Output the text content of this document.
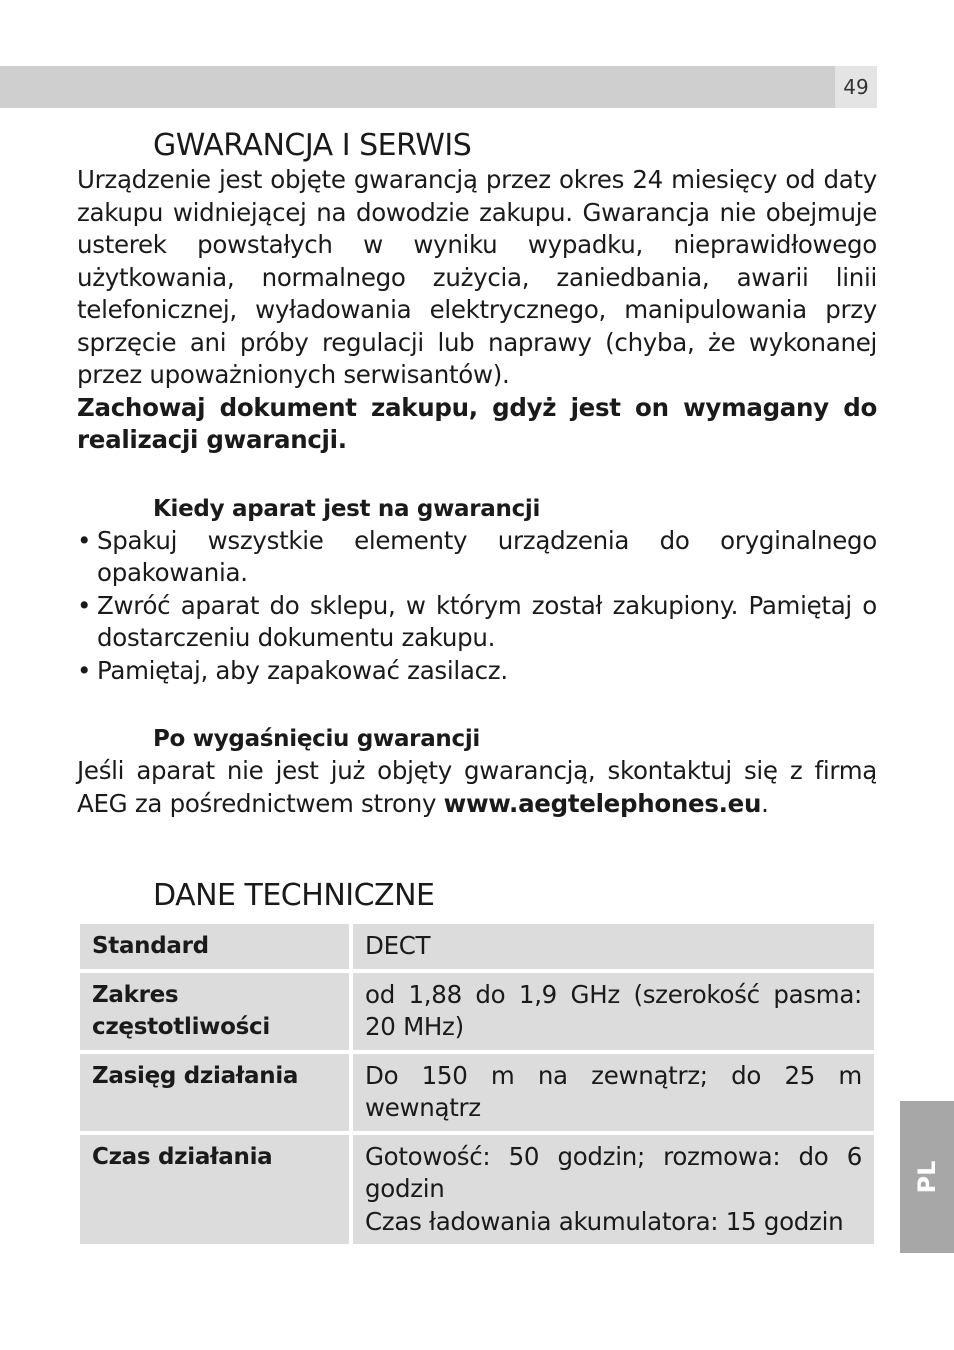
49
GWARANCJA I SERWIS

Urządzenie jest objęte gwarancją przez okres 24 miesięcy od daty zakupu widniejącej na dowodzie zakupu. Gwarancja nie obejmuje usterek powstałych w wyniku wypadku, nieprawidłowego użytkowania, normalnego zużycia, zaniedbania, awarii linii telefonicznej, wyładowania elektrycznego, manipulowania przy sprzęcie ani próby regulacji lub naprawy (chyba, że wykonanej przez upoważnionych serwisantów).

Zachowaj dokument zakupu, gdyż jest on wymagany do realizacji gwarancji.

Kiedy aparat jest na gwarancji
• Spakuj wszystkie elementy urządzenia do oryginalnego opakowania.
• Zwróć aparat do sklepu, w którym został zakupiony. Pamiętaj o dostarczeniu dokumentu zakupu.
• Pamiętaj, aby zapakować zasilacz.
Po wygaśnięciu gwarancji

Jeśli aparat nie jest już objęty gwarancją, skontaktuj się z firmą AEG za pośrednictwem strony www.aegtelephones.eu.

DANE TECHNICZNE
Standard	DECT
Zakres częstotliwości	od 1,88 do 1,9 GHz (szerokość pasma: 20 MHz)
Zasięg działania	Do 150 m na zewnątrz; do 25 m wewnątrz
Czas działania	Gotowość: 50 godzin; rozmowa: do 6 godzin
Czas ładowania akumulatora: 15 godzin
PL
